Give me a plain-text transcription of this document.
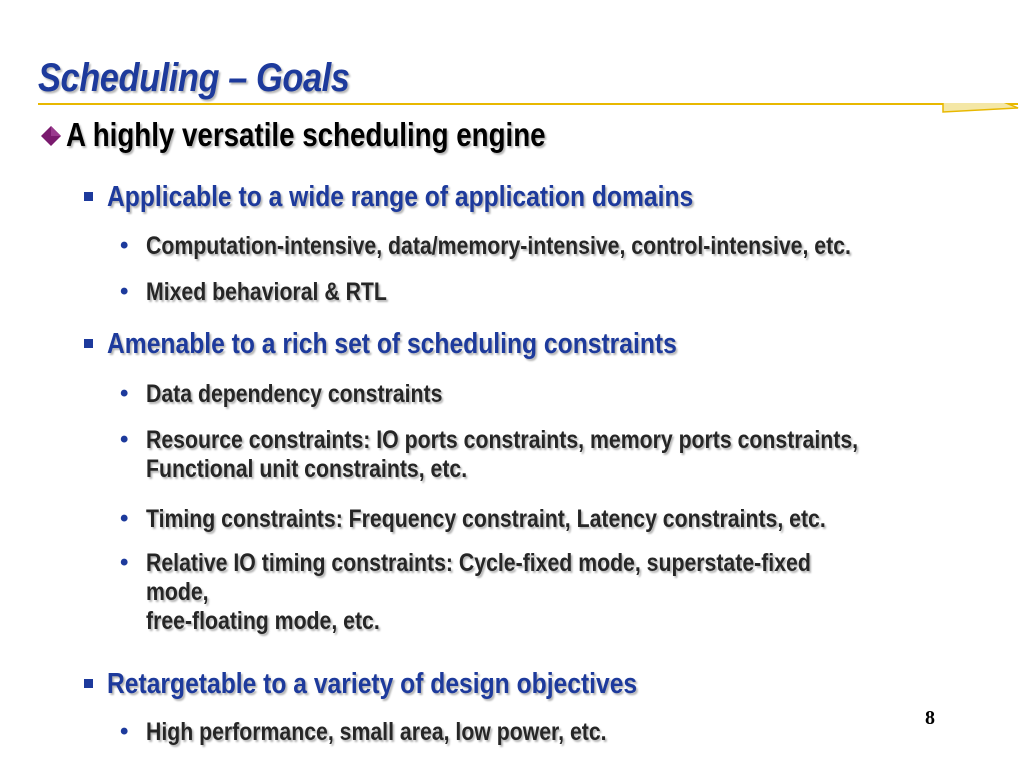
Scheduling – Goals
A highly versatile scheduling engine
Applicable to a wide range of application domains
• Computation-intensive, data/memory-intensive, control-intensive, etc.
• Mixed behavioral & RTL
Amenable to a rich set of scheduling constraints
• Data dependency constraints
• Resource constraints: IO ports constraints, memory ports constraints,
Functional unit constraints, etc.
• Timing constraints: Frequency constraint, Latency constraints, etc.
• Relative IO timing constraints: Cycle-fixed mode, superstate-fixed
mode,
free-floating mode, etc.
Retargetable to a variety of design objectives
• High performance, small area, low power, etc.	8
